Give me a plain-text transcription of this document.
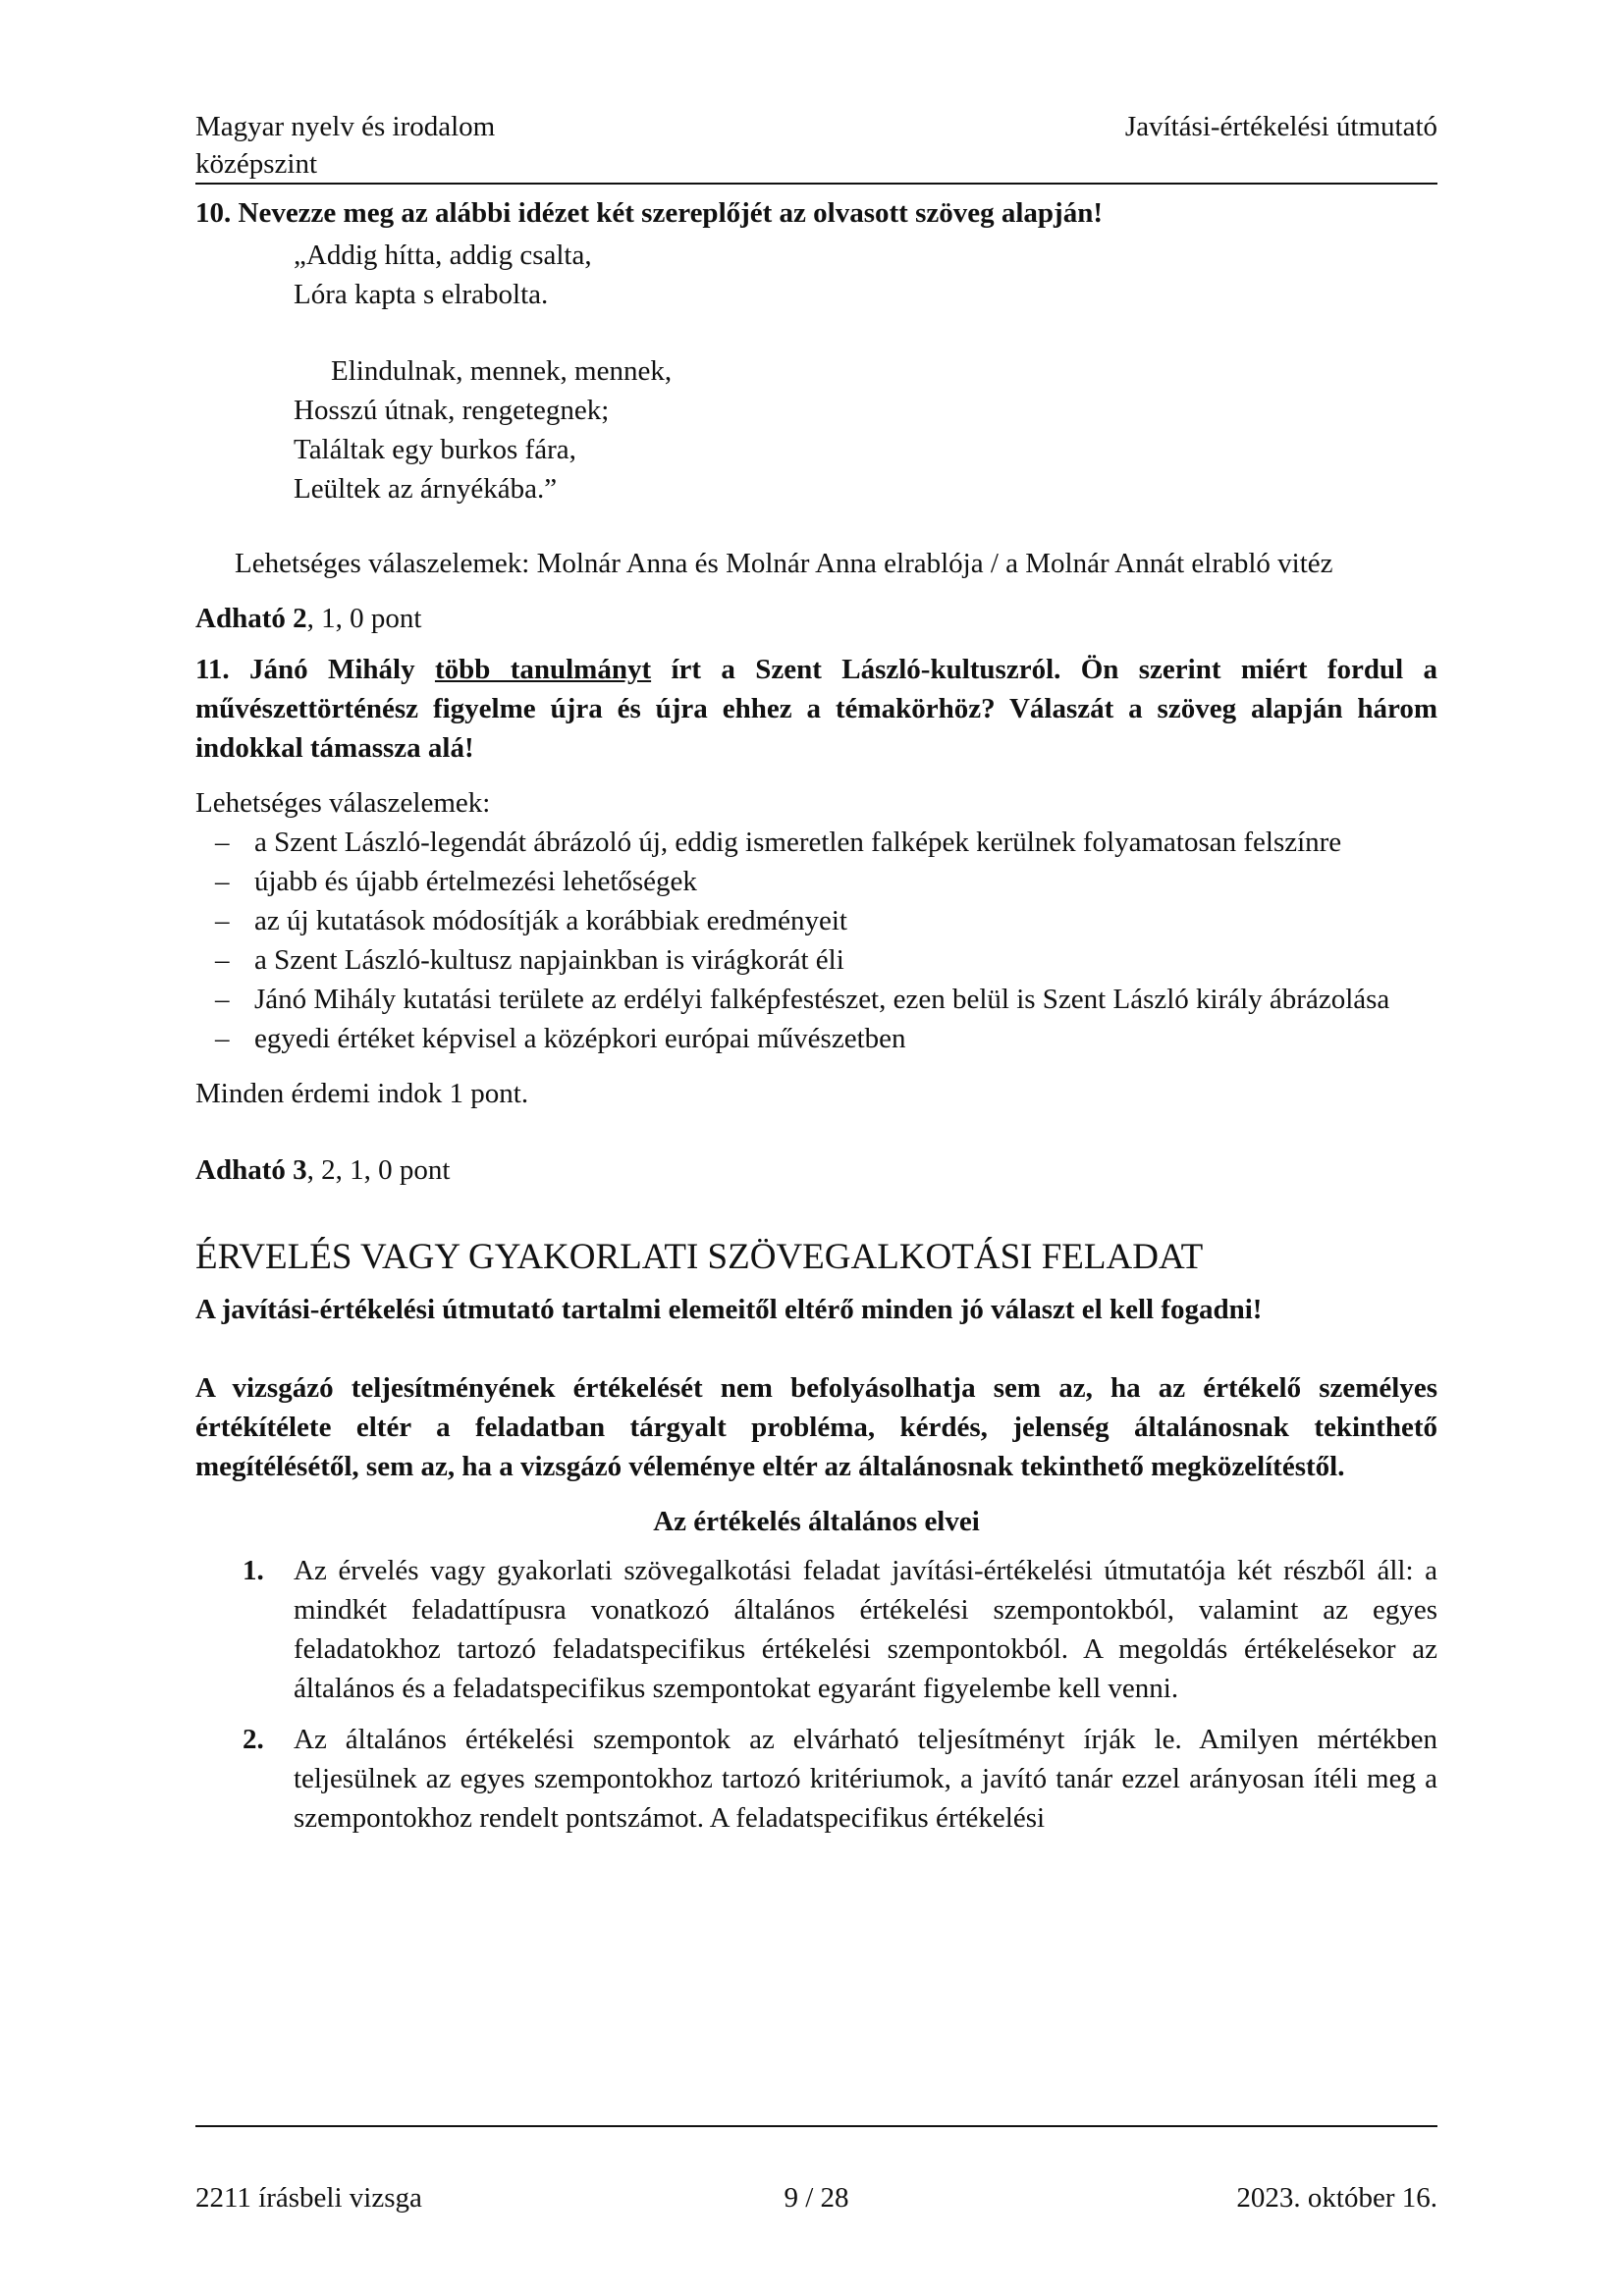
Magyar nyelv és irodalom
középszint
Javítási-értékelési útmutató

10. Nevezze meg az alábbi idézet két szereplőjét az olvasott szöveg alapján!

„Addig hítta, addig csalta,
Lóra kapta s elrabolta.
Elindulnak, mennek, mennek,
Hosszú útnak, rengetegnek;
Találtak egy burkos fára,
Leültek az árnyékába.”

Lehetséges válaszelemek: Molnár Anna és Molnár Anna elrablója / a Molnár Annát elrabló vitéz

Adható 2, 1, 0 pont

11. Jánó Mihály több tanulmányt írt a Szent László-kultuszról. Ön szerint miért fordul a művészettörténész figyelme újra és újra ehhez a témakörhöz? Válaszát a szöveg alapján három indokkal támassza alá!

Lehetséges válaszelemek:

– a Szent László-legendát ábrázoló új, eddig ismeretlen falképek kerülnek folyamatosan felszínre
– újabb és újabb értelmezési lehetőségek
– az új kutatások módosítják a korábbiak eredményeit
– a Szent László-kultusz napjainkban is virágkorát éli
– Jánó Mihály kutatási területe az erdélyi falképfestészet, ezen belül is Szent László király ábrázolása
– egyedi értéket képvisel a középkori európai művészetben

Minden érdemi indok 1 pont.

Adható 3, 2, 1, 0 pont

ÉRVELÉS VAGY GYAKORLATI SZÖVEGALKOTÁSI FELADAT

A javítási-értékelési útmutató tartalmi elemeitől eltérő minden jó választ el kell fogadni!

A vizsgázó teljesítményének értékelését nem befolyásolhatja sem az, ha az értékelő személyes értékítélete eltér a feladatban tárgyalt probléma, kérdés, jelenség általánosnak tekinthető megítélésétől, sem az, ha a vizsgázó véleménye eltér az általánosnak tekinthető megközelítéstől.

Az értékelés általános elvei

1. Az érvelés vagy gyakorlati szövegalkotási feladat javítási-értékelési útmutatója két részből áll: a mindkét feladattípusra vonatkozó általános értékelési szempontokból, valamint az egyes feladatokhoz tartozó feladatspecifikus értékelési szempontokból. A megoldás értékelésekor az általános és a feladatspecifikus szempontokat egyaránt figyelembe kell venni.
2. Az általános értékelési szempontok az elvárható teljesítményt írják le. Amilyen mértékben teljesülnek az egyes szempontokhoz tartozó kritériumok, a javító tanár ezzel arányosan ítéli meg a szempontokhoz rendelt pontszámot. A feladatspecifikus értékelési
2211 írásbeli vizsga	9 / 28	2023. október 16.
